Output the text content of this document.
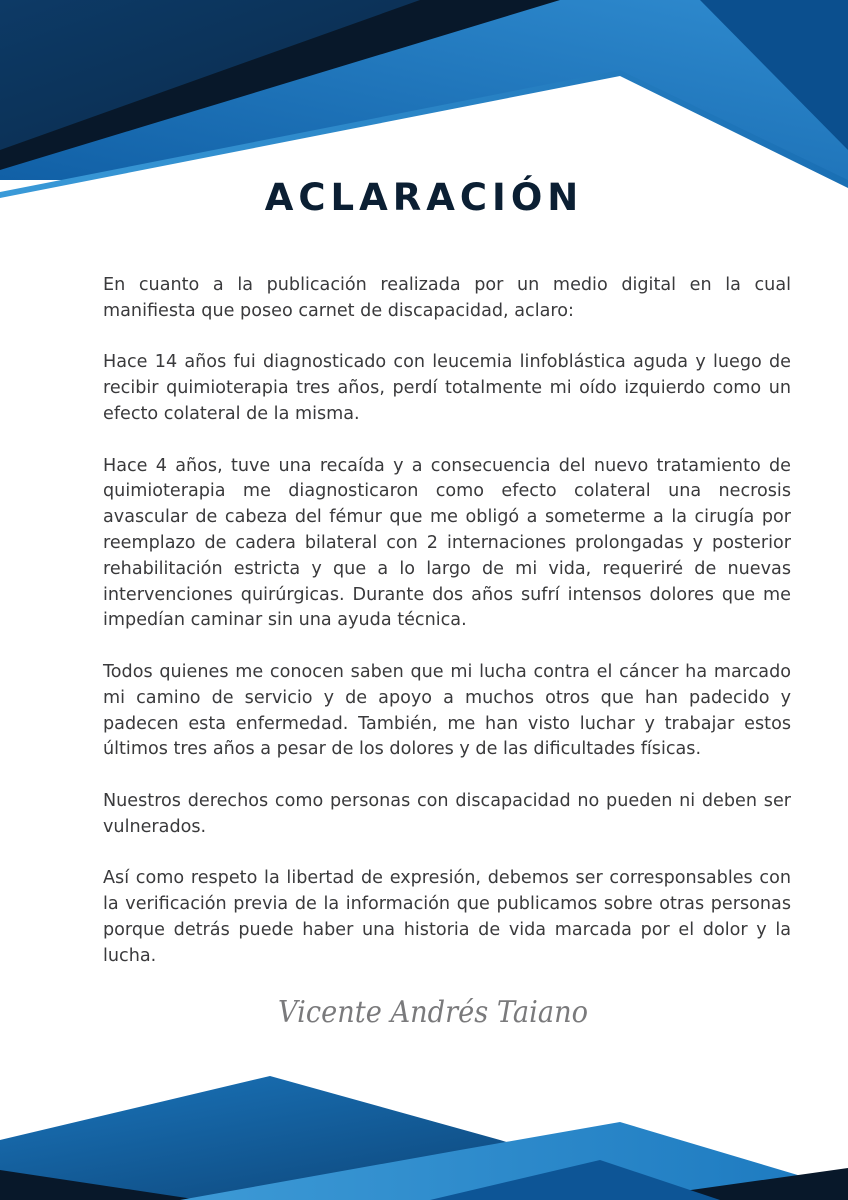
ACLARACIÓN

En cuanto a la publicación realizada por un medio digital en la cual manifiesta que poseo carnet de discapacidad, aclaro:

Hace 14 años fui diagnosticado con leucemia linfoblástica aguda y luego de recibir quimioterapia tres años, perdí totalmente mi oído izquierdo como un efecto colateral de la misma.

Hace 4 años, tuve una recaída y a consecuencia del nuevo tratamiento de quimioterapia me diagnosticaron como efecto colateral una necrosis avascular de cabeza del fémur que me obligó a someterme a la cirugía por reemplazo de cadera bilateral con 2 internaciones prolongadas y posterior rehabilitación estricta y que a lo largo de mi vida, requeriré de nuevas intervenciones quirúrgicas. Durante dos años sufrí intensos dolores que me impedían caminar sin una ayuda técnica.

Todos quienes me conocen saben que mi lucha contra el cáncer ha marcado mi camino de servicio y de apoyo a muchos otros que han padecido y padecen esta enfermedad. También, me han visto luchar y trabajar estos últimos tres años a pesar de los dolores y de las dificultades físicas.

Nuestros derechos como personas con discapacidad no pueden ni deben ser vulnerados.

Así como respeto la libertad de expresión, debemos ser corresponsables con la verificación previa de la información que publicamos sobre otras personas porque detrás puede haber una historia de vida marcada por el dolor y la lucha.

Vicente Andrés Taiano
